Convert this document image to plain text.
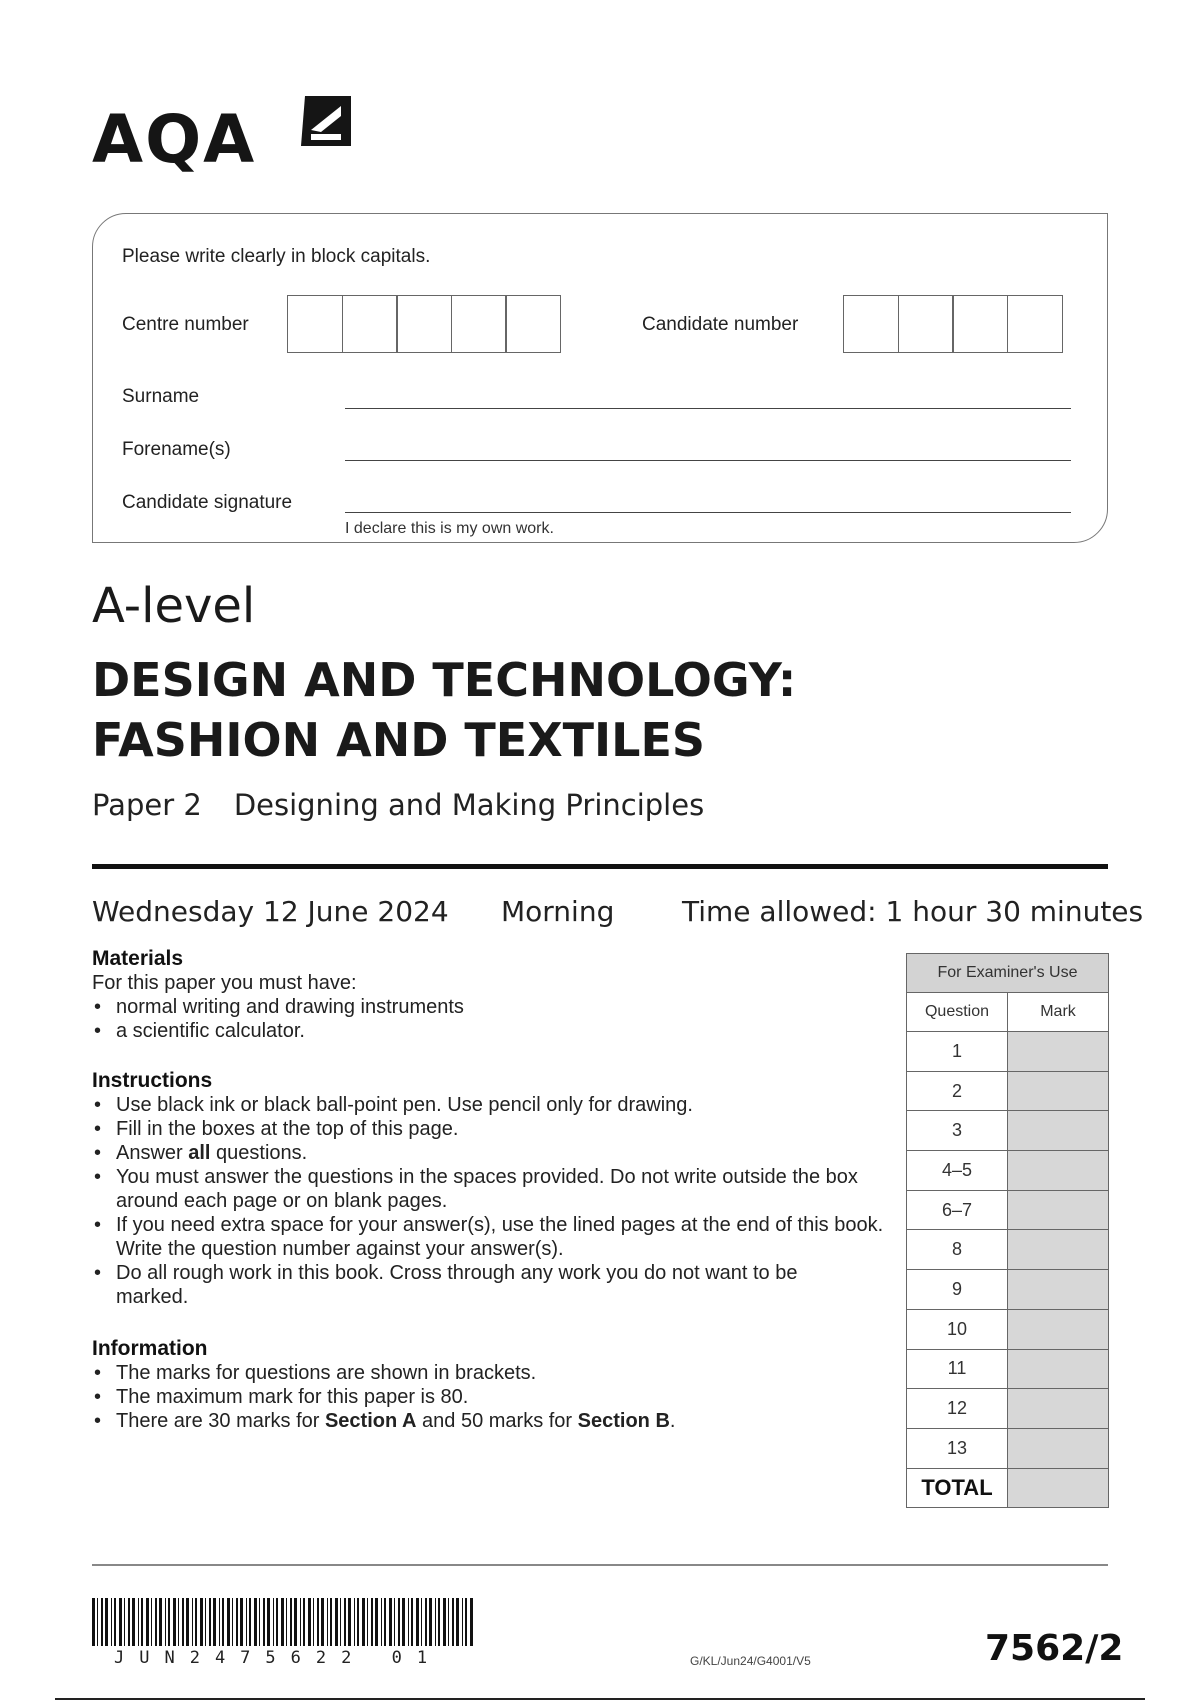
AQA
Please write clearly in block capitals.
Centre number	Candidate number
Surname
Forename(s)
Candidate signature
I declare this is my own work.
A-level
DESIGN AND TECHNOLOGY:
FASHION AND TEXTILES
Paper 2 Designing and Making Principles
Wednesday 12 June 2024 Morning Time allowed: 1 hour 30 minutes
Materials
For this paper you must have:
• normal writing and drawing instruments
• a scientific calculator.
Instructions
• Use black ink or black ball-point pen. Use pencil only for drawing.
• Fill in the boxes at the top of this page.
• Answer all questions.
• You must answer the questions in the spaces provided. Do not write outside the box around each page or on blank pages.
• If you need extra space for your answer(s), use the lined pages at the end of this book. Write the question number against your answer(s).
• Do all rough work in this book. Cross through any work you do not want to be marked.
Information
• The marks for questions are shown in brackets.
• The maximum mark for this paper is 80.
• There are 30 marks for Section A and 50 marks for Section B.
For Examiner's Use	
Question	Mark
1	
2	
3	
4–5	
6–7	
8	
9	
10	
11	
12	
13	
TOTAL	
JUN2475622 01	G/KL/Jun24/G4001/V5	7562/2
